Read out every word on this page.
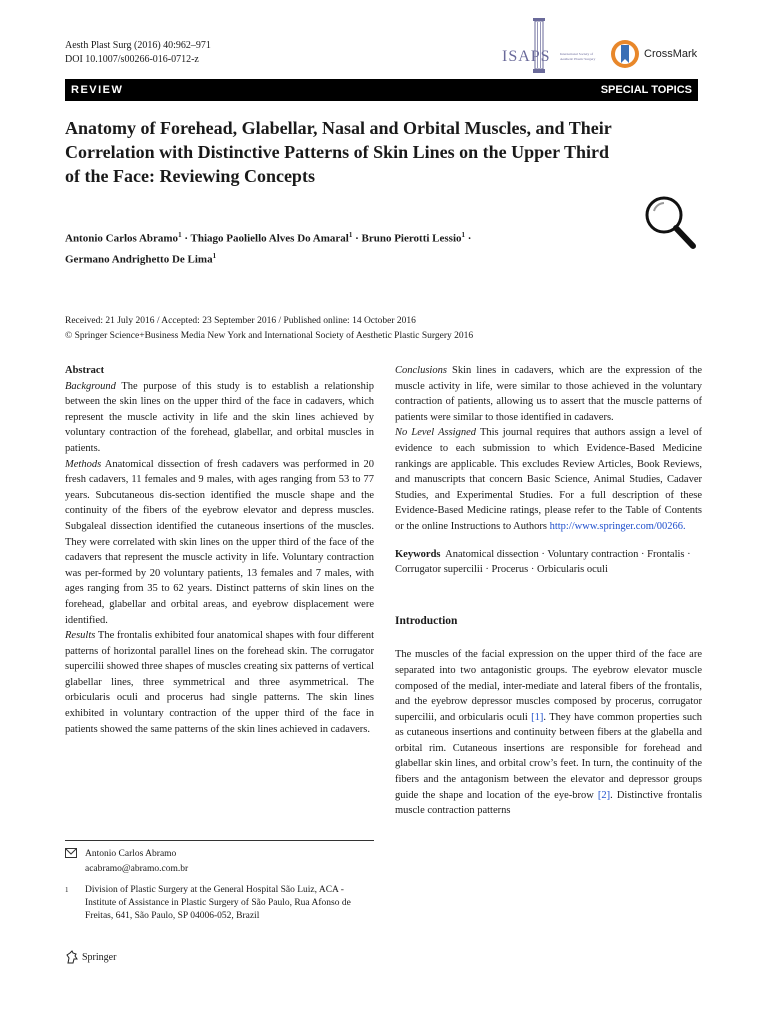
Aesth Plast Surg (2016) 40:962–971
DOI 10.1007/s00266-016-0712-z	ISAPS	International Society of Aesthetic Plastic Surgery	CrossMark
REVIEW	SPECIAL TOPICS
Anatomy of Forehead, Glabellar, Nasal and Orbital Muscles, and Their Correlation with Distinctive Patterns of Skin Lines on the Upper Third of the Face: Reviewing Concepts
Antonio Carlos Abramo$^1$ · Thiago Paoliello Alves Do Amaral$^1$ · Bruno Pierotti Lessio$^1$ ·
Germano Andrighetto De Lima$^1$
Received: 21 July 2016 / Accepted: 23 September 2016 / Published online: 14 October 2016
© Springer Science+Business Media New York and International Society of Aesthetic Plastic Surgery 2016
Abstract

Background The purpose of this study is to establish a relationship between the skin lines on the upper third of the face in cadavers, which represent the muscle activity in life and the skin lines achieved by voluntary contraction of the forehead, glabellar, and orbital muscles in patients.

Methods Anatomical dissection of fresh cadavers was performed in 20 fresh cadavers, 11 females and 9 males, with ages ranging from 53 to 77 years. Subcutaneous dis-section identified the muscle shape and the continuity of the fibers of the eyebrow elevator and depress muscles. Subgaleal dissection identified the cutaneous insertions of the muscles. They were correlated with skin lines on the upper third of the face of the cadavers that represent the muscle activity in life. Voluntary contraction was per-formed by 20 voluntary patients, 13 females and 7 males, with ages ranging from 35 to 62 years. Distinct patterns of skin lines on the forehead, glabellar and orbital areas, and eyebrow displacement were identified.

Results The frontalis exhibited four anatomical shapes with four different patterns of horizontal parallel lines on the forehead skin. The corrugator supercilii showed three shapes of muscles creating six patterns of vertical glabellar lines, three symmetrical and three asymmetrical. The orbicularis oculi and procerus had single patterns. The skin lines exhibited in voluntary contraction of the upper third of the face in patients showed the same patterns of the skin lines achieved in cadavers.

Conclusions Skin lines in cadavers, which are the expression of the muscle activity in life, were similar to those achieved in the voluntary contraction of patients, allowing us to assert that the muscle patterns of patients were similar to those identified in cadavers.

No Level Assigned This journal requires that authors assign a level of evidence to each submission to which Evidence-Based Medicine rankings are applicable. This excludes Review Articles, Book Reviews, and manuscripts that concern Basic Science, Animal Studies, Cadaver Studies, and Experimental Studies. For a full description of these Evidence-Based Medicine ratings, please refer to the Table of Contents or the online Instructions to Authors http://www.springer.com/00266.

Keywords Anatomical dissection · Voluntary contraction · Frontalis · Corrugator supercilii · Procerus · Orbicularis oculi

Introduction

The muscles of the facial expression on the upper third of the face are separated into two antagonistic groups. The eyebrow elevator muscle composed of the medial, inter-mediate and lateral fibers of the frontalis, and the eyebrow depressor muscles composed by procerus, corrugator supercilii, and orbicularis oculi [1]. They have common properties such as cutaneous insertions and continuity between fibers at the glabella and orbital rim. Cutaneous insertions are responsible for forehead and glabellar skin lines, and orbital crow’s feet. In turn, the continuity of the fibers and the antagonism between the elevator and depressor groups guide the shape and location of the eye-brow [2]. Distinctive frontalis muscle contraction patterns

Antonio Carlos Abramo
acabramo@abramo.com.br
1	Division of Plastic Surgery at the General Hospital São Luiz, ACA - Institute of Assistance in Plastic Surgery of São Paulo, Rua Afonso de Freitas, 641, São Paulo, SP 04006-052, Brazil
Springer
